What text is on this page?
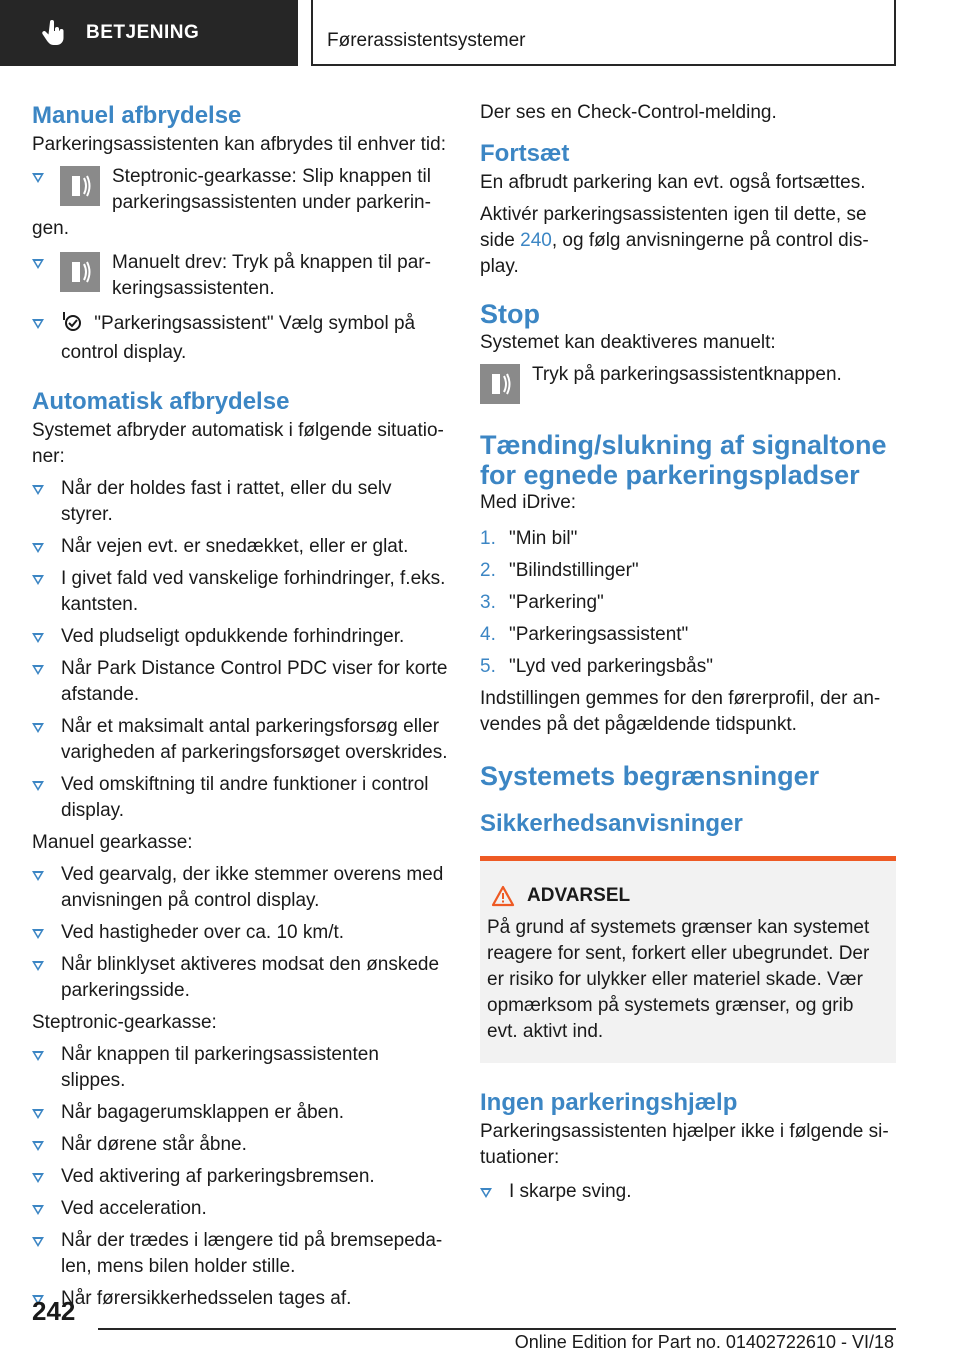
BETJENING	Førerassistentsystemer
Manuel afbrydelse

Parkeringsassistenten kan afbrydes til enhver tid:

Steptronic-gearkasse: Slip knappen til parkeringsassistenten under parkeringen.
Manuelt drev: Tryk på knappen til parkeringsassistenten.
"Parkeringsassistent" Vælg symbol på control display.
Automatisk afbrydelse

Systemet afbryder automatisk i følgende situationer:

Når der holdes fast i rattet, eller du selv styrer.
Når vejen evt. er snedækket, eller er glat.
I givet fald ved vanskelige forhindringer, f.eks. kantsten.
Ved pludseligt opdukkende forhindringer.
Når Park Distance Control PDC viser for korte afstande.
Når et maksimalt antal parkeringsforsøg eller varigheden af parkeringsforsøget overskrides.
Ved omskiftning til andre funktioner i control display.

Manuel gearkasse:

Ved gearvalg, der ikke stemmer overens med anvisningen på control display.
Ved hastigheder over ca. 10 km/t.
Når blinklyset aktiveres modsat den ønskede parkeringsside.

Steptronic-gearkasse:

Når knappen til parkeringsassistenten slippes.
Når bagagerumsklappen er åben.
Når dørene står åbne.
Ved aktivering af parkeringsbremsen.
Ved acceleration.
Når der trædes i længere tid på bremsepedalen, mens bilen holder stille.
Når førersikkerhedsselen tages af.

Der ses en Check-Control-melding.

Fortsæt

En afbrudt parkering kan evt. også fortsættes.

Aktivér parkeringsassistenten igen til dette, se side 240, og følg anvisningerne på control display.

Stop

Systemet kan deaktiveres manuelt:

Tryk på parkeringsassistentknappen.
Tænding/slukning af signaltone for egnede parkeringspladser

Med iDrive:

1. "Min bil"
2. "Bilindstillinger"
3. "Parkering"
4. "Parkeringsassistent"
5. "Lyd ved parkeringsbås"

Indstillingen gemmes for den førerprofil, der anvendes på det pågældende tidspunkt.

Systemets begrænsninger
Sikkerhedsanvisninger
ADVARSEL

På grund af systemets grænser kan systemet reagere for sent, forkert eller ubegrundet. Der er risiko for ulykker eller materiel skade. Vær opmærksom på systemets grænser, og grib evt. aktivt ind.

Ingen parkeringshjælp

Parkeringsassistenten hjælper ikke i følgende situationer:

I skarpe sving.
242
Online Edition for Part no. 01402722610 - VI/18
